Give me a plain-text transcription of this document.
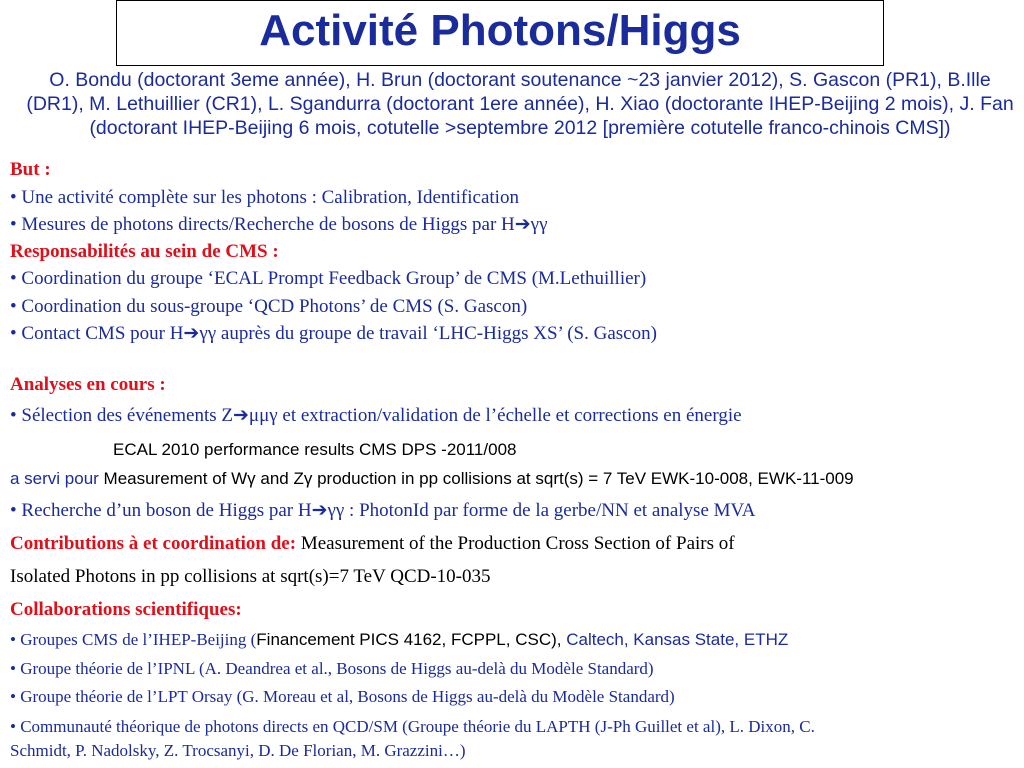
Activité Photons/Higgs
O. Bondu (doctorant 3eme année), H. Brun (doctorant soutenance ~23 janvier 2012), S. Gascon (PR1), B.Ille (DR1), M. Lethuillier (CR1), L. Sgandurra (doctorant 1ere année), H. Xiao (doctorante IHEP-Beijing 2 mois), J. Fan (doctorant IHEP-Beijing 6 mois, cotutelle >septembre 2012 [première cotutelle franco-chinois CMS])
But :
• Une activité complète sur les photons : Calibration, Identification
• Mesures de photons directs/Recherche de bosons de Higgs par H➔γγ
Responsabilités au sein de CMS :
• Coordination du groupe ‘ECAL Prompt Feedback Group’ de CMS (M.Lethuillier)
• Coordination du sous-groupe ‘QCD Photons’ de CMS (S. Gascon)
• Contact CMS pour H➔γγ auprès du groupe de travail ‘LHC-Higgs XS’ (S. Gascon)
Analyses en cours :
• Sélection des événements Z➔μμγ et extraction/validation de l’échelle et corrections en énergie
ECAL 2010 performance results CMS DPS -2011/008
a servi pour Measurement of Wγ and Zγ production in pp collisions at sqrt(s) = 7 TeV EWK-10-008, EWK-11-009
• Recherche d’un boson de Higgs par H➔γγ : PhotonId par forme de la gerbe/NN et analyse MVA
Contributions à et coordination de: Measurement of the Production Cross Section of Pairs of
Isolated Photons in pp collisions at sqrt(s)=7 TeV QCD-10-035
Collaborations scientifiques:
• Groupes CMS de l’IHEP-Beijing (Financement PICS 4162, FCPPL, CSC), Caltech, Kansas State, ETHZ
• Groupe théorie de l’IPNL (A. Deandrea et al., Bosons de Higgs au-delà du Modèle Standard)
• Groupe théorie de l’LPT Orsay (G. Moreau et al, Bosons de Higgs au-delà du Modèle Standard)
• Communauté théorique de photons directs en QCD/SM (Groupe théorie du LAPTH (J-Ph Guillet et al), L. Dixon, C.
Schmidt, P. Nadolsky, Z. Trocsanyi, D. De Florian, M. Grazzini…)
